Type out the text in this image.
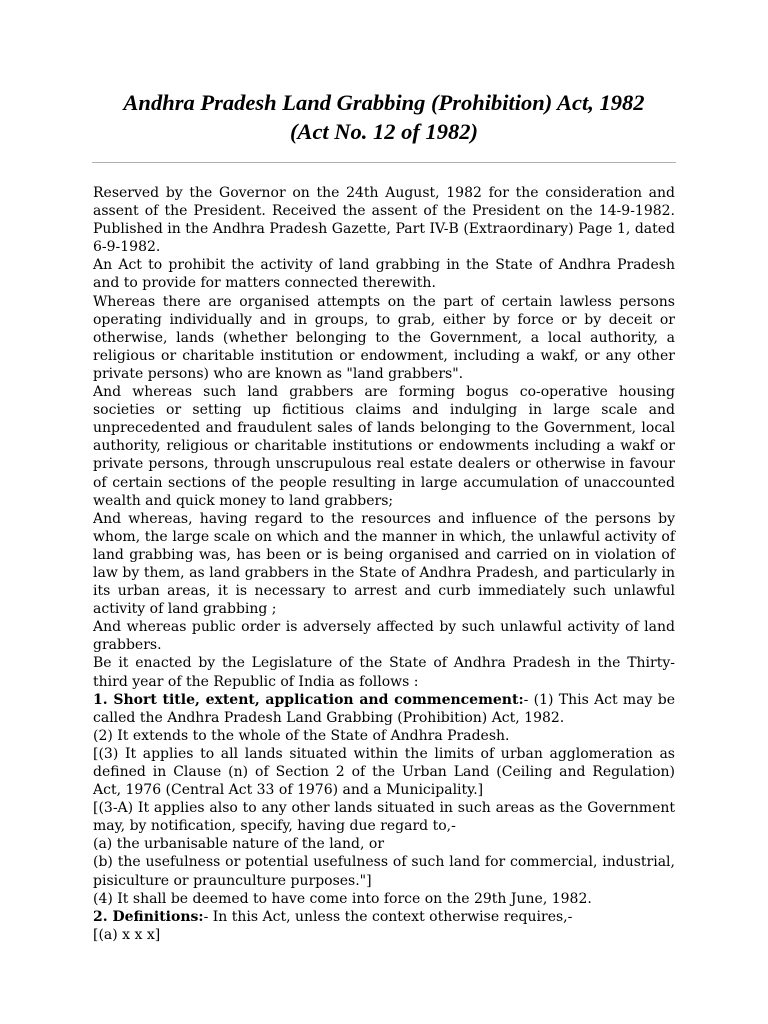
Andhra Pradesh Land Grabbing (Prohibition) Act, 1982
(Act No. 12 of 1982)

Reserved by the Governor on the 24th August, 1982 for the consideration and assent of the President. Received the assent of the President on the 14-9-1982. Published in the Andhra Pradesh Gazette, Part IV-B (Extraordinary) Page 1, dated 6-9-1982.

An Act to prohibit the activity of land grabbing in the State of Andhra Pradesh and to provide for matters connected therewith.

Whereas there are organised attempts on the part of certain lawless persons operating individually and in groups, to grab, either by force or by deceit or otherwise, lands (whether belonging to the Government, a local authority, a religious or charitable institution or endowment, including a wakf, or any other private persons) who are known as "land grabbers".

And whereas such land grabbers are forming bogus co-operative housing societies or setting up fictitious claims and indulging in large scale and unprecedented and fraudulent sales of lands belonging to the Government, local authority, religious or charitable institutions or endowments including a wakf or private persons, through unscrupulous real estate dealers or otherwise in favour of certain sections of the people resulting in large accumulation of unaccounted wealth and quick money to land grabbers;

And whereas, having regard to the resources and influence of the persons by whom, the large scale on which and the manner in which, the unlawful activity of land grabbing was, has been or is being organised and carried on in violation of law by them, as land grabbers in the State of Andhra Pradesh, and particularly in its urban areas, it is necessary to arrest and curb immediately such unlawful activity of land grabbing ;

And whereas public order is adversely affected by such unlawful activity of land grabbers.

Be it enacted by the Legislature of the State of Andhra Pradesh in the Thirty-third year of the Republic of India as follows :

1. Short title, extent, application and commencement:- (1) This Act may be called the Andhra Pradesh Land Grabbing (Prohibition) Act, 1982.

(2) It extends to the whole of the State of Andhra Pradesh.

[(3) It applies to all lands situated within the limits of urban agglomeration as defined in Clause (n) of Section 2 of the Urban Land (Ceiling and Regulation) Act, 1976 (Central Act 33 of 1976) and a Municipality.]

[(3-A) It applies also to any other lands situated in such areas as the Government may, by notification, specify, having due regard to,-

(a) the urbanisable nature of the land, or

(b) the usefulness or potential usefulness of such land for commercial, industrial, pisiculture or praunculture purposes."]

(4) It shall be deemed to have come into force on the 29th June, 1982.

2. Definitions:- In this Act, unless the context otherwise requires,-

[(a) x x x]
